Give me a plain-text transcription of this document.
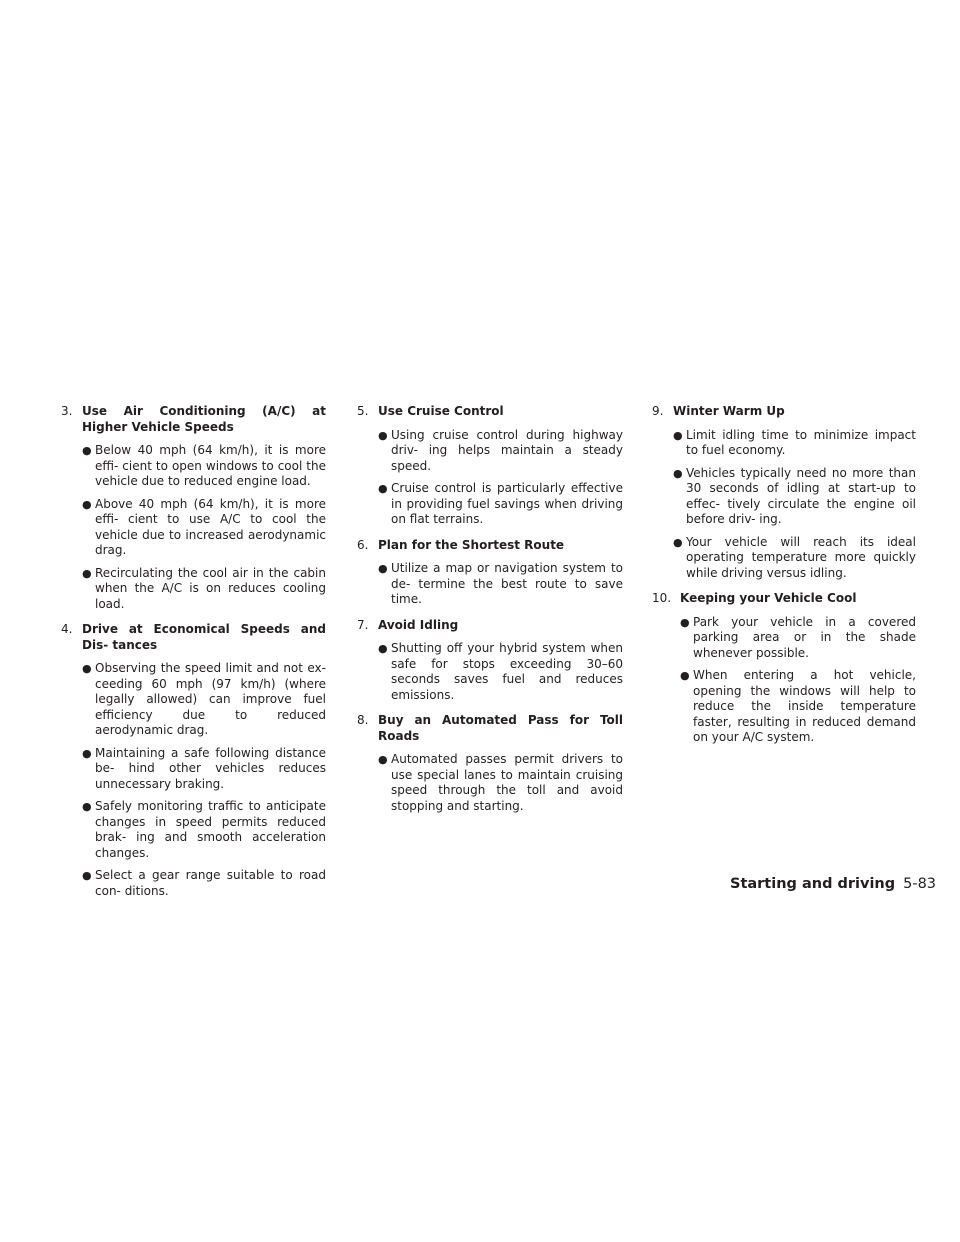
3. Use Air Conditioning (A/C) at Higher Vehicle Speeds
● Below 40 mph (64 km/h), it is more effi- cient to open windows to cool the vehicle due to reduced engine load.
● Above 40 mph (64 km/h), it is more effi- cient to use A/C to cool the vehicle due to increased aerodynamic drag.
● Recirculating the cool air in the cabin when the A/C is on reduces cooling load.
4. Drive at Economical Speeds and Dis- tances
● Observing the speed limit and not ex- ceeding 60 mph (97 km/h) (where legally allowed) can improve fuel efficiency due to reduced aerodynamic drag.
● Maintaining a safe following distance be- hind other vehicles reduces unnecessary braking.
● Safely monitoring traffic to anticipate changes in speed permits reduced brak- ing and smooth acceleration changes.
● Select a gear range suitable to road con- ditions.
5. Use Cruise Control
● Using cruise control during highway driv- ing helps maintain a steady speed.
● Cruise control is particularly effective in providing fuel savings when driving on flat terrains.
6. Plan for the Shortest Route
● Utilize a map or navigation system to de- termine the best route to save time.
7. Avoid Idling
● Shutting off your hybrid system when safe for stops exceeding 30–60 seconds saves fuel and reduces emissions.
8. Buy an Automated Pass for Toll Roads
● Automated passes permit drivers to use special lanes to maintain cruising speed through the toll and avoid stopping and starting.
9. Winter Warm Up
● Limit idling time to minimize impact to fuel economy.
● Vehicles typically need no more than 30 seconds of idling at start-up to effec- tively circulate the engine oil before driv- ing.
● Your vehicle will reach its ideal operating temperature more quickly while driving versus idling.
10. Keeping your Vehicle Cool
● Park your vehicle in a covered parking area or in the shade whenever possible.
● When entering a hot vehicle, opening the windows will help to reduce the inside temperature faster, resulting in reduced demand on your A/C system.
Starting and driving 5-83
